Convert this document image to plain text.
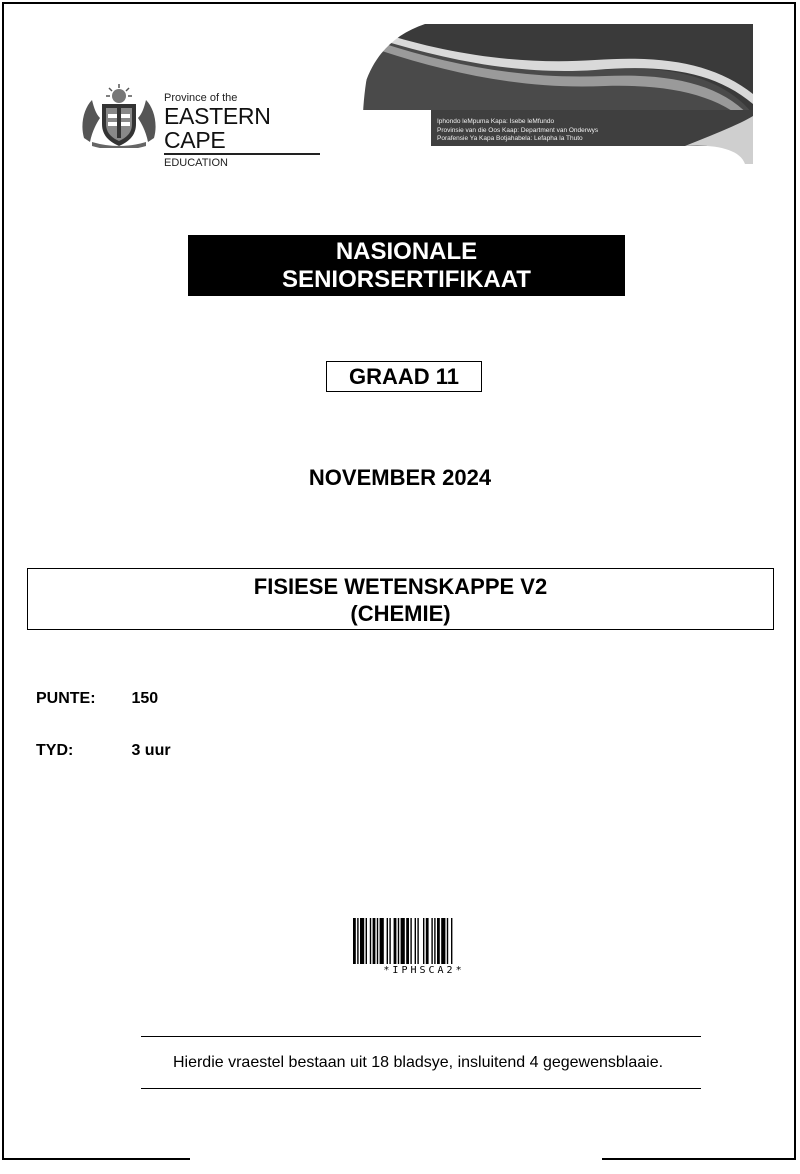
Province of the
EASTERN CAPE
EDUCATION
Iphondo leMpuma Kapa: Isebe leMfundo
Provinsie van die Oos Kaap: Department van Onderwys
Porafensie Ya Kapa Botjahabela: Lefapha la Thuto
NASIONALE
SENIORSERTIFIKAAT
GRAAD 11
NOVEMBER 2024
FISIESE WETENSKAPPE V2
(CHEMIE)
PUNTE: 150
TYD:	3 uur
*IPHSCA2*
Hierdie vraestel bestaan uit 18 bladsye, insluitend 4 gegewensblaaie.
